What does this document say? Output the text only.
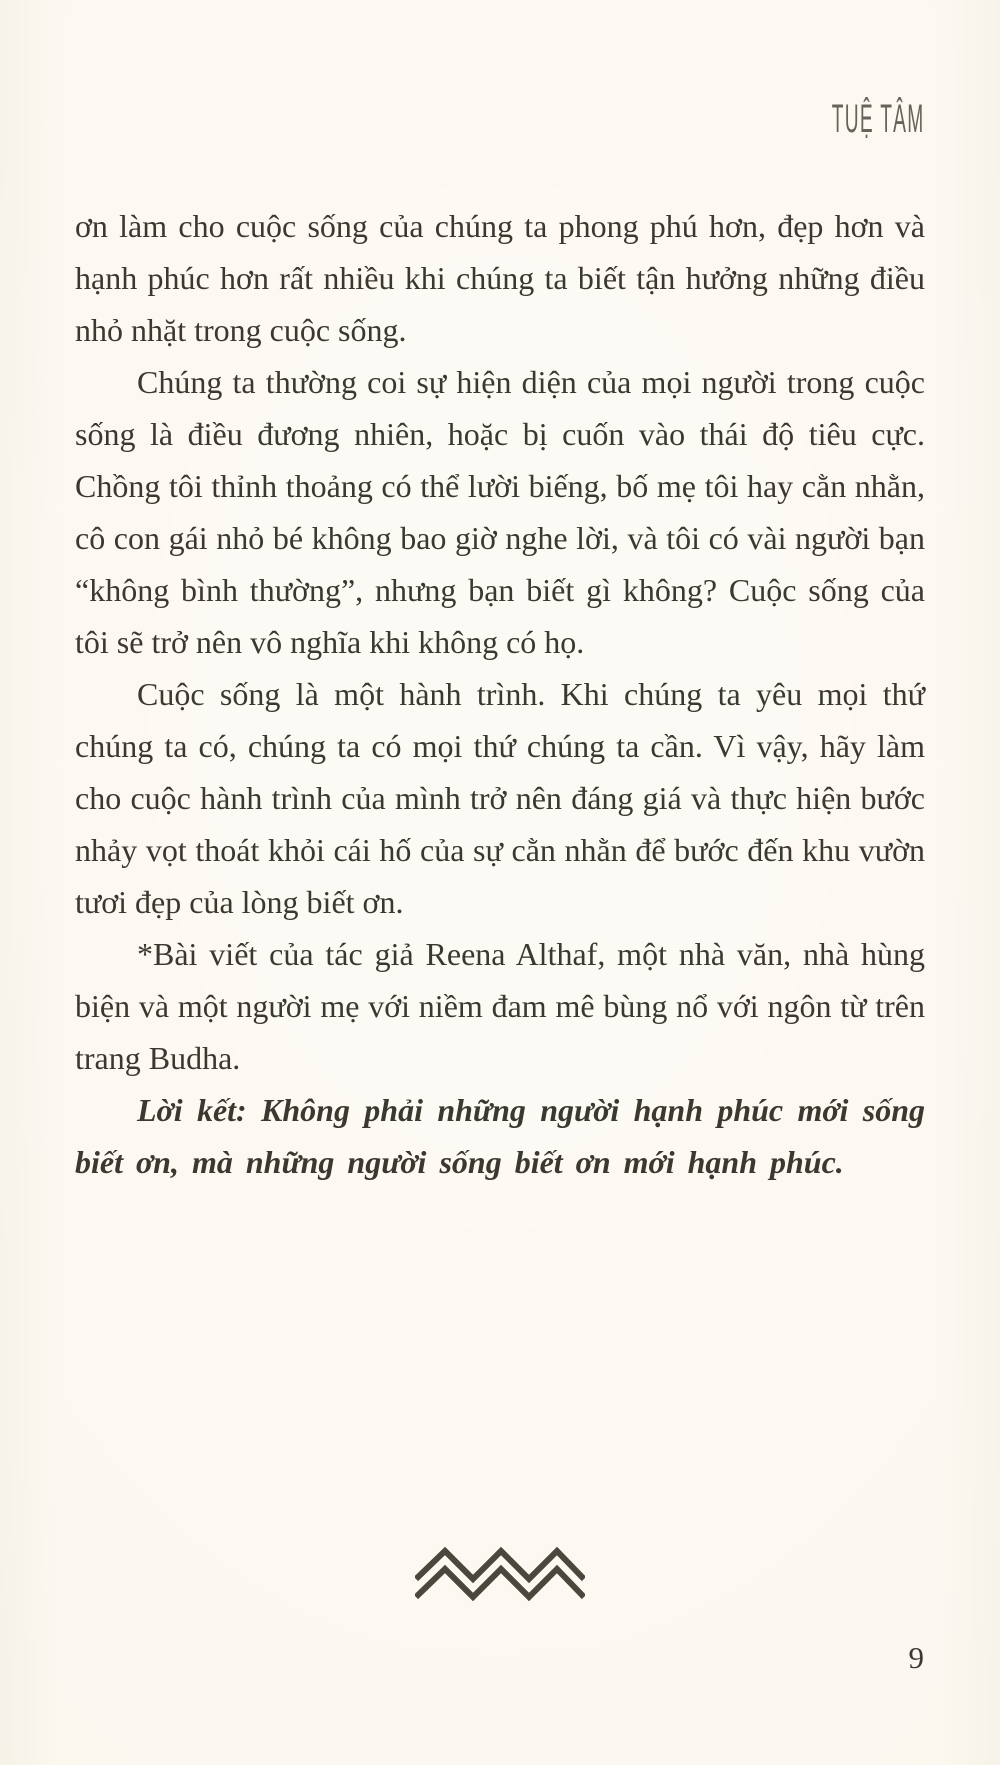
TUỆ TÂM

ơn làm cho cuộc sống của chúng ta phong phú hơn, đẹp hơn và hạnh phúc hơn rất nhiều khi chúng ta biết tận hưởng những điều nhỏ nhặt trong cuộc sống.

Chúng ta thường coi sự hiện diện của mọi người trong cuộc sống là điều đương nhiên, hoặc bị cuốn vào thái độ tiêu cực. Chồng tôi thỉnh thoảng có thể lười biếng, bố mẹ tôi hay cằn nhằn, cô con gái nhỏ bé không bao giờ nghe lời, và tôi có vài người bạn “không bình thường”, nhưng bạn biết gì không? Cuộc sống của tôi sẽ trở nên vô nghĩa khi không có họ.

Cuộc sống là một hành trình. Khi chúng ta yêu mọi thứ chúng ta có, chúng ta có mọi thứ chúng ta cần. Vì vậy, hãy làm cho cuộc hành trình của mình trở nên đáng giá và thực hiện bước nhảy vọt thoát khỏi cái hố của sự cằn nhằn để bước đến khu vườn tươi đẹp của lòng biết ơn.

*Bài viết của tác giả Reena Althaf, một nhà văn, nhà hùng biện và một người mẹ với niềm đam mê bùng nổ với ngôn từ trên trang Budha.

Lời kết: Không phải những người hạnh phúc mới sống biết ơn, mà những người sống biết ơn mới hạnh phúc.

9
